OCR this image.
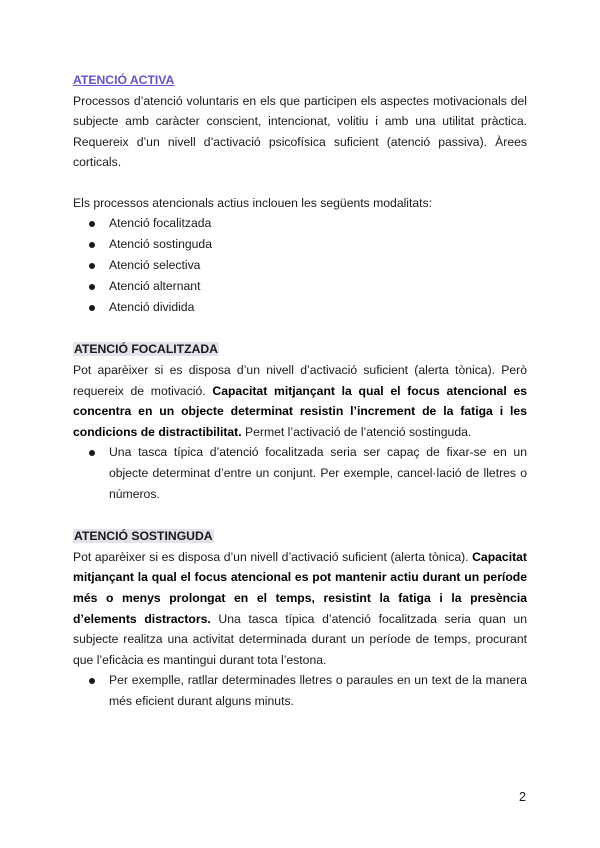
ATENCIÓ ACTIVA

Processos d’atenció voluntaris en els que participen els aspectes motivacionals del subjecte amb caràcter conscient, intencionat, volitiu i amb una utilitat pràctica. Requereix d’un nivell d’activació psicofísica suficient (atenció passiva). Àrees corticals.

Els processos atencionals actius inclouen les següents modalitats:

Atenció focalitzada
Atenció sostinguda
Atenció selectiva
Atenció alternant
Atenció dividida
ATENCIÓ FOCALITZADA

Pot aparèixer si es disposa d’un nivell d’activació suficient (alerta tònica). Però requereix de motivació. Capacitat mitjançant la qual el focus atencional es concentra en un objecte determinat resistin l’increment de la fatiga i les condicions de distractibilitat. Permet l’activació de l’atenció sostinguda.

Una tasca típica d’atenció focalitzada seria ser capaç de fixar-se en un objecte determinat d’entre un conjunt. Per exemple, cancel·lació de lletres o números.
ATENCIÓ SOSTINGUDA

Pot aparèixer si es disposa d’un nivell d’activació suficient (alerta tònica). Capacitat mitjançant la qual el focus atencional es pot mantenir actiu durant un període més o menys prolongat en el temps, resistint la fatiga i la presència d’elements distractors. Una tasca típica d’atenció focalitzada seria quan un subjecte realitza una activitat determinada durant un període de temps, procurant que l’eficàcia es mantingui durant tota l’estona.

Per exemplle, ratllar determinades lletres o paraules en un text de la manera més eficient durant alguns minuts.
2
